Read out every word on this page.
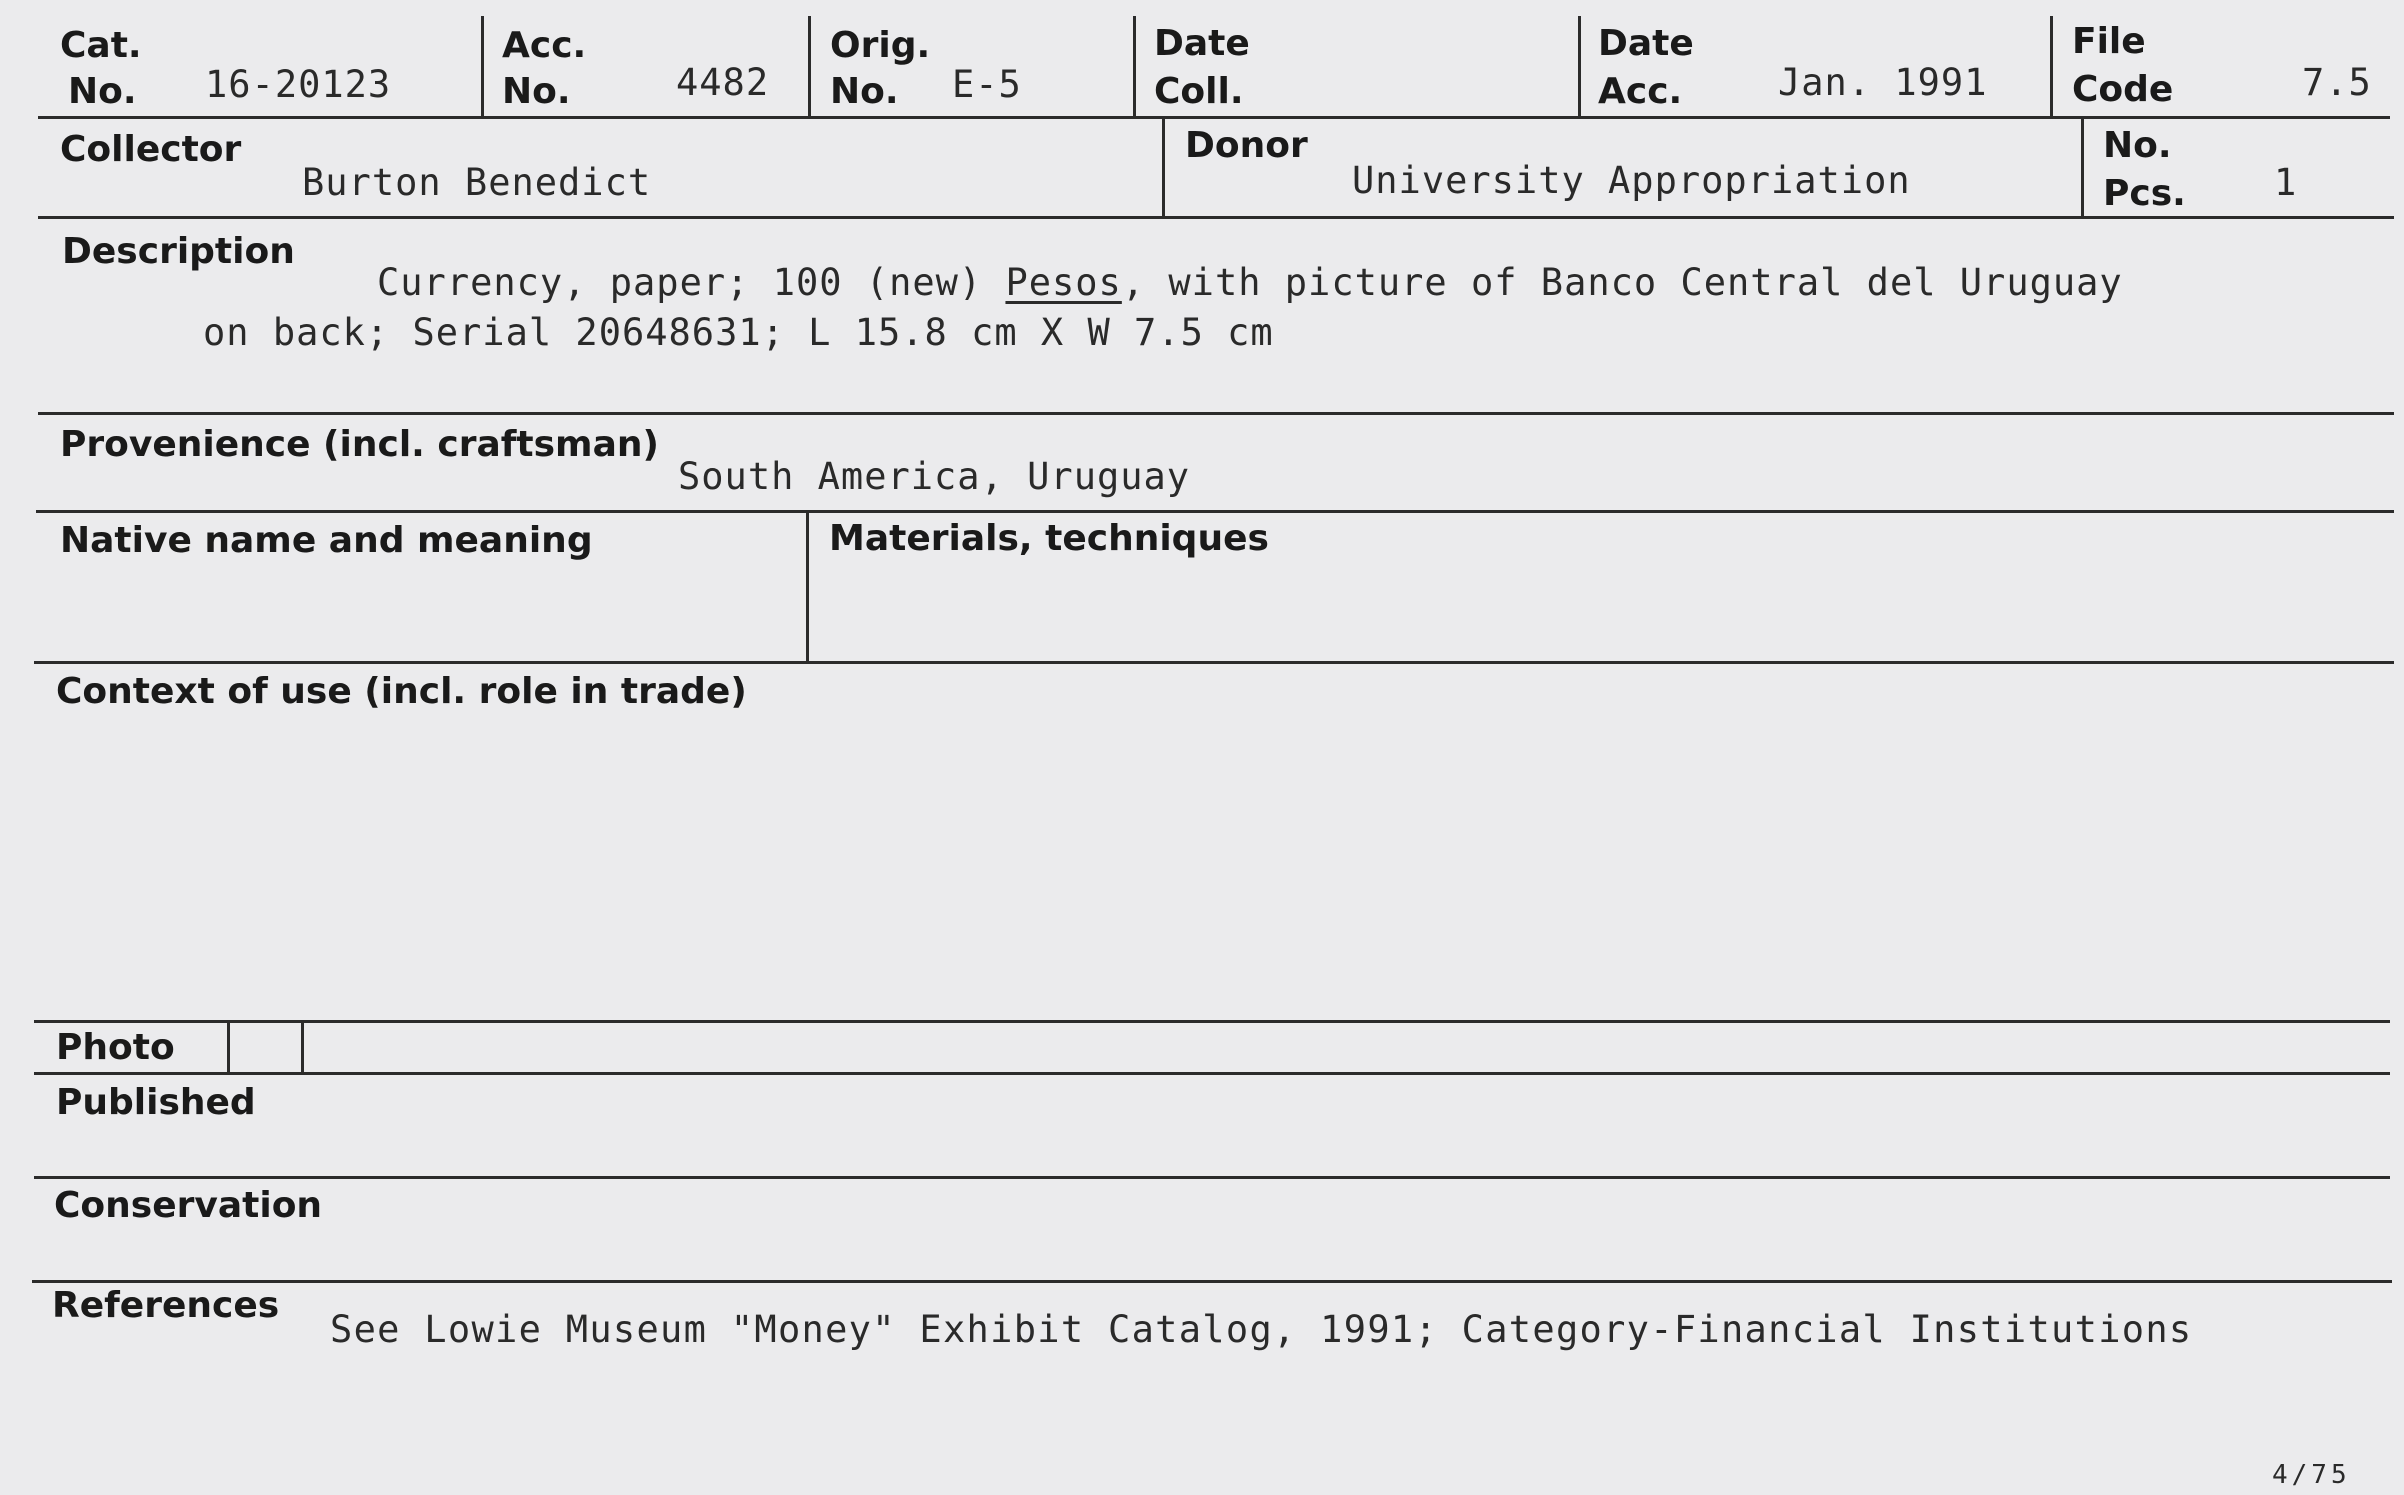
Cat.
No. 16-20123
Acc.
No.	4482
Orig.
No. E-5
Date
Coll.
Date
Acc.	Jan. 1991
File
Code	7.5
Collector
Burton Benedict
Donor
University Appropriation
No.
Pcs. 1
Description
Currency, paper; 100 (new) Pesos, with picture of Banco Central del Uruguay
on back; Serial 20648631; L 15.8 cm X W 7.5 cm
Provenience (incl. craftsman)
South America, Uruguay
Native name and meaning	Materials, techniques
Context of use (incl. role in trade)
Photo
Published
Conservation
References
See Lowie Museum "Money" Exhibit Catalog, 1991; Category-Financial Institutions
4/75
